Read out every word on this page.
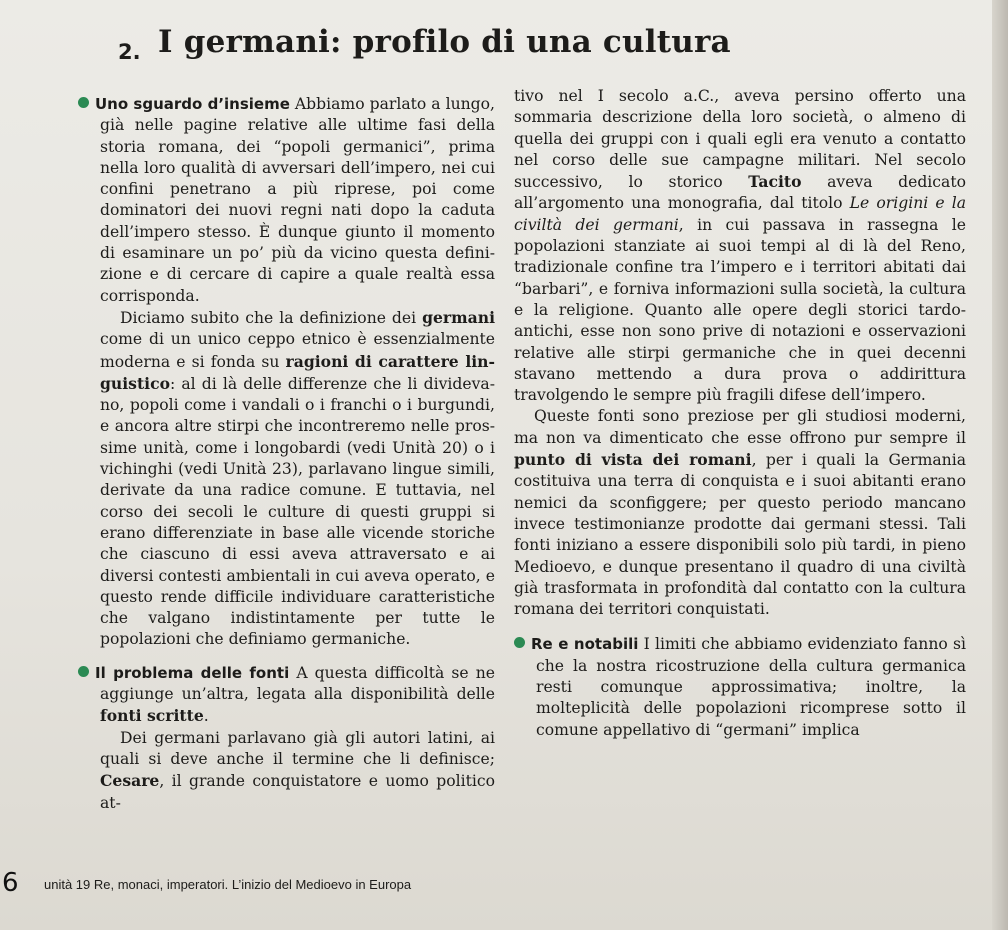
2. I germani: profilo di una cultura

Uno sguardo d’insieme Abbiamo parlato a lungo, già nelle pagine relative alle ultime fasi della storia romana, dei “popoli germanici”, prima nella loro qualità di avversari dell’impero, nei cui confini penetrano a più riprese, poi come dominatori dei nuovi regni nati dopo la caduta dell’impero stesso. È dunque giunto il momento di esaminare un po’ più da vicino questa definizione e di cercare di capire a quale realtà essa corrisponda.

Diciamo subito che la definizione dei germani come di un unico ceppo etnico è essenzialmente moderna e si fonda su ragioni di carattere linguistico: al di là delle differenze che li dividevano, popoli come i vandali o i franchi o i burgundi, e ancora altre stirpi che incontreremo nelle prossime unità, come i longobardi (vedi Unità 20) o i vichinghi (vedi Unità 23), parlavano lingue simili, derivate da una radice comune. E tuttavia, nel corso dei secoli le culture di questi gruppi si erano differenziate in base alle vicende storiche che ciascuno di essi aveva attraversato e ai diversi contesti ambientali in cui aveva operato, e questo rende difficile individuare caratteristiche che valgano indistintamente per tutte le popolazioni che definiamo germaniche.

Il problema delle fonti A questa difficoltà se ne aggiunge un’altra, legata alla disponibilità delle fonti scritte.

Dei germani parlavano già gli autori latini, ai quali si deve anche il termine che li definisce; Cesare, il grande conquistatore e uomo politico at-

tivo nel I secolo a.C., aveva persino offerto una sommaria descrizione della loro società, o almeno di quella dei gruppi con i quali egli era venuto a contatto nel corso delle sue campagne militari. Nel secolo successivo, lo storico Tacito aveva dedicato all’argomento una monografia, dal titolo Le origini e la civiltà dei germani, in cui passava in rassegna le popolazioni stanziate ai suoi tempi al di là del Reno, tradizionale confine tra l’impero e i territori abitati dai “barbari”, e forniva informazioni sulla società, la cultura e la religione. Quanto alle opere degli storici tardo-antichi, esse non sono prive di notazioni e osservazioni relative alle stirpi germaniche che in quei decenni stavano mettendo a dura prova o addirittura travolgendo le sempre più fragili difese dell’impero.

Queste fonti sono preziose per gli studiosi moderni, ma non va dimenticato che esse offrono pur sempre il punto di vista dei romani, per i quali la Germania costituiva una terra di conquista e i suoi abitanti erano nemici da sconfiggere; per questo periodo mancano invece testimonianze prodotte dai germani stessi. Tali fonti iniziano a essere disponibili solo più tardi, in pieno Medioevo, e dunque presentano il quadro di una civiltà già trasformata in profondità dal contatto con la cultura romana dei territori conquistati.

Re e notabili I limiti che abbiamo evidenziato fanno sì che la nostra ricostruzione della cultura germanica resti comunque approssimativa; inoltre, la molteplicità delle popolazioni ricomprese sotto il comune appellativo di “germani” implica

6 unità 19 Re, monaci, imperatori. L’inizio del Medioevo in Europa
